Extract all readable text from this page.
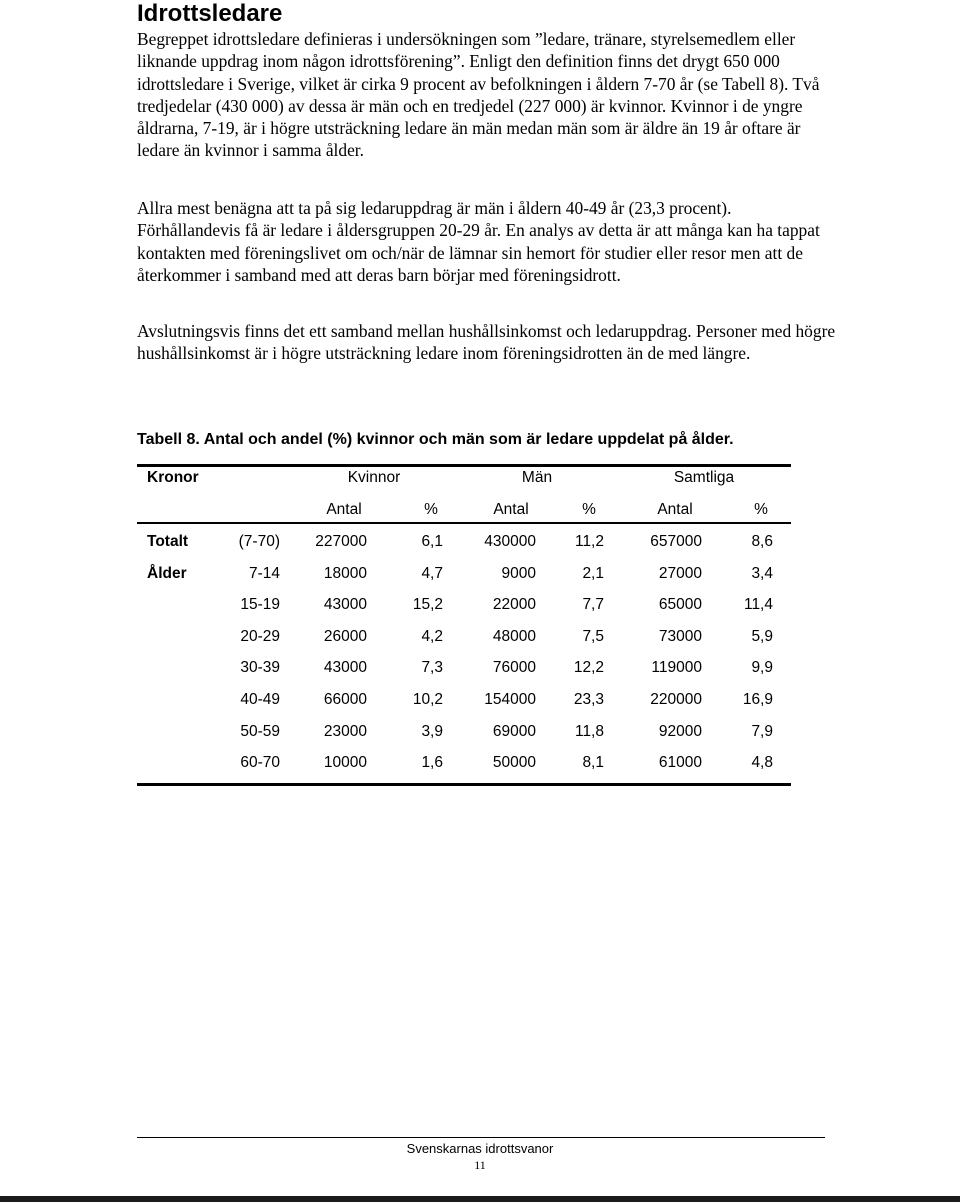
Idrottsledare

Begreppet idrottsledare definieras i undersökningen som ”ledare, tränare, styrelsemedlem eller liknande uppdrag inom någon idrottsförening”. Enligt den definition finns det drygt 650 000 idrottsledare i Sverige, vilket är cirka 9 procent av befolkningen i åldern 7-70 år (se Tabell 8). Två tredjedelar (430 000) av dessa är män och en tredjedel (227 000) är kvinnor. Kvinnor i de yngre åldrarna, 7-19, är i högre utsträckning ledare än män medan män som är äldre än 19 år oftare är ledare än kvinnor i samma ålder.

Allra mest benägna att ta på sig ledaruppdrag är män i åldern 40-49 år (23,3 procent). Förhållandevis få är ledare i åldersgruppen 20-29 år. En analys av detta är att många kan ha tappat kontakten med föreningslivet om och/när de lämnar sin hemort för studier eller resor men att de återkommer i samband med att deras barn börjar med föreningsidrott.

Avslutningsvis finns det ett samband mellan hushållsinkomst och ledaruppdrag. Personer med högre hushållsinkomst är i högre utsträckning ledare inom föreningsidrotten än de med längre.

Tabell 8. Antal och andel (%) kvinnor och män som är ledare uppdelat på ålder.

Kronor	Kvinnor	Män	Samtliga
Antal	%	Antal	%	Antal	%
Totalt	(7-70) 227000	6,1	430000	11,2	657000	8,6
Ålder	7-14	18000	4,7	9000	2,1	27000	3,4
15-19	43000	15,2	22000	7,7	65000	11,4
20-29	26000	4,2	48000	7,5	73000	5,9
30-39	43000	7,3	76000 12,2	119000	9,9
40-49	66000	10,2	154000 23,3	220000	16,9
50-59	23000	3,9	69000	11,8	92000	7,9
60-70	10000	1,6	50000	8,1	61000	4,8
Svenskarnas idrottsvanor
11
